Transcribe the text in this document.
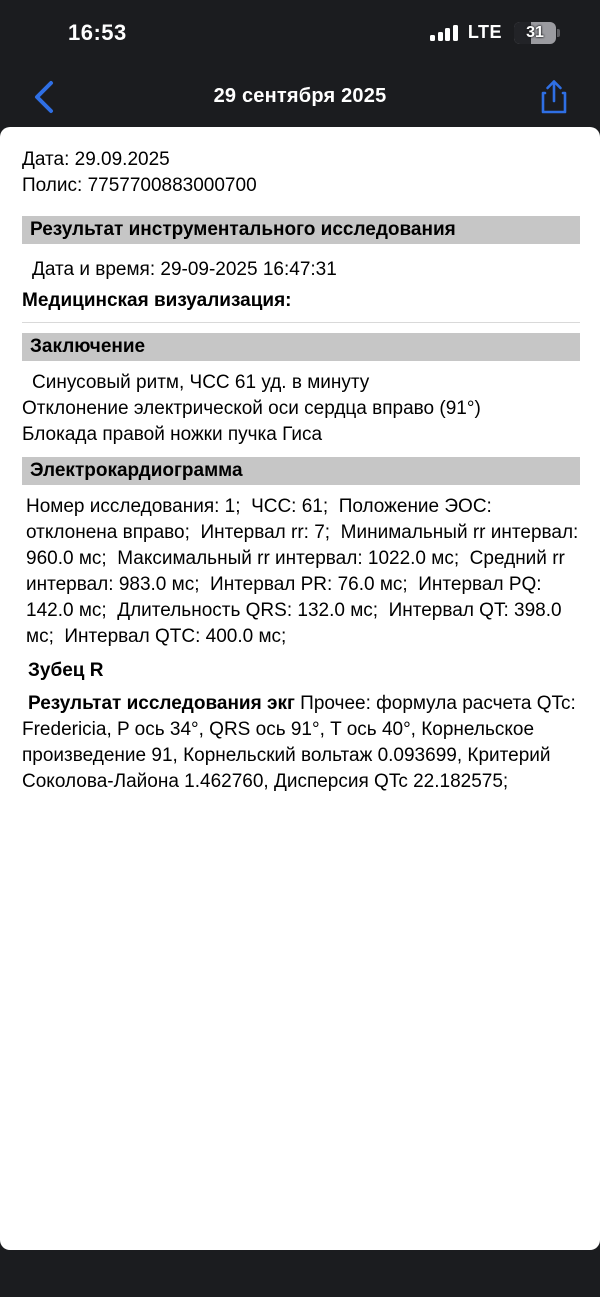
16:53	LTE	31
29 сентября 2025

Дата: 29.09.2025

Полис: 7757700883000700

Результат инструментального исследования

Дата и время: 29-09-2025 16:47:31

Медицинская визуализация:

Заключение

Синусовый ритм, ЧСС 61 уд. в минуту

Отклонение электрической оси сердца вправо (91°)

Блокада правой ножки пучка Гиса

Электрокардиограмма

Номер исследования: 1;  ЧСС: 61;  Положение ЭОС: отклонена вправо;  Интервал rr: 7;  Минимальный rr интервал: 960.0 мс;  Максимальный rr интервал: 1022.0 мс;  Средний rr интервал: 983.0 мс;  Интервал PR: 76.0 мс;  Интервал PQ: 142.0 мс;  Длительность QRS: 132.0 мс;  Интервал QT: 398.0 мс;  Интервал QTC: 400.0 мс;

Зубец R

Результат исследования экг Прочее: формула расчета QTc: Fredericia, P ось 34°, QRS ось 91°, T ось 40°, Корнельское произведение 91, Корнельский вольтаж 0.093699, Критерий Соколова-Лайона 1.462760, Дисперсия QTc 22.182575;
